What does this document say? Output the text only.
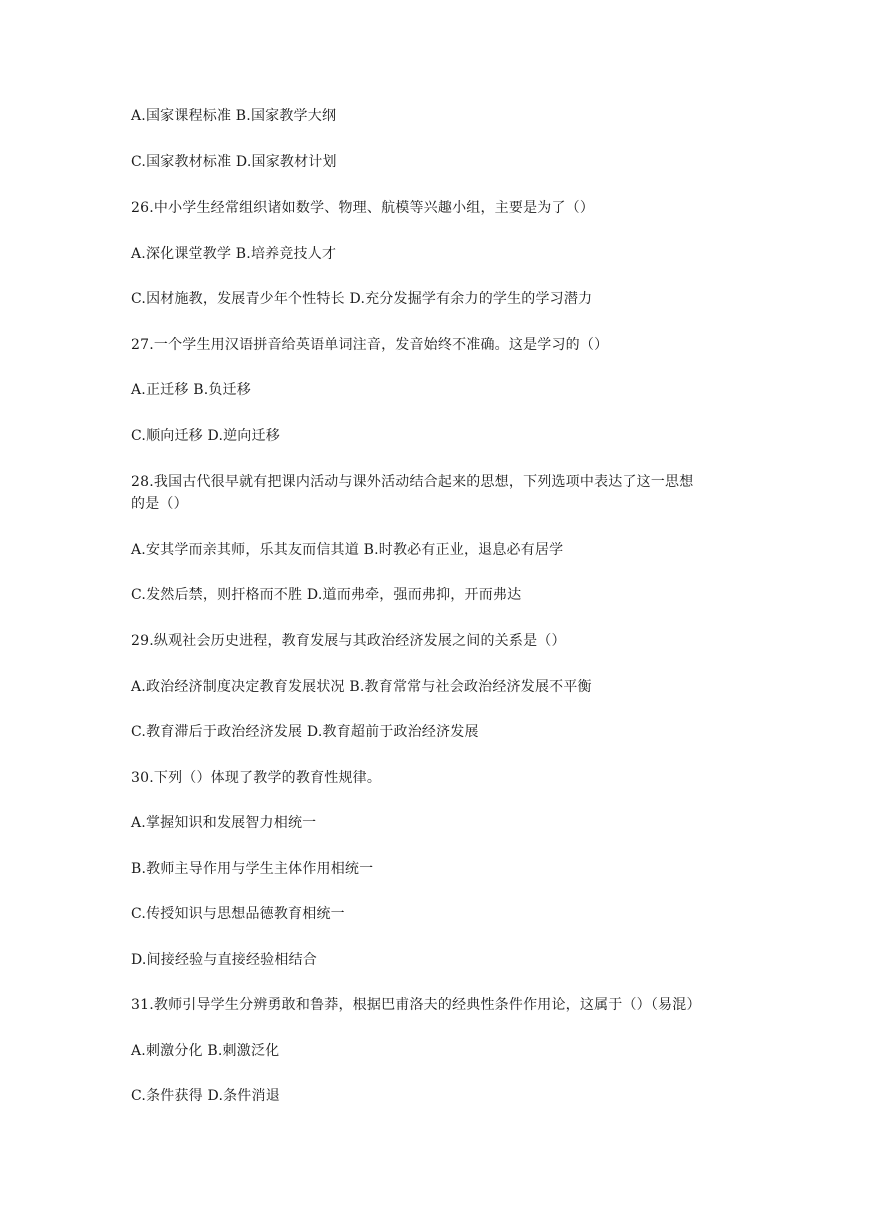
A.国家课程标准 B.国家教学大纲
C.国家教材标准 D.国家教材计划
26.中小学生经常组织诸如数学、物理、航模等兴趣小组，主要是为了（）
A.深化课堂教学 B.培养竞技人才
C.因材施教，发展青少年个性特长 D.充分发掘学有余力的学生的学习潜力
27.一个学生用汉语拼音给英语单词注音，发音始终不准确。这是学习的（）
A.正迁移 B.负迁移
C.顺向迁移 D.逆向迁移
28.我国古代很早就有把课内活动与课外活动结合起来的思想，下列选项中表达了这一思想
的是（）
A.安其学而亲其师，乐其友而信其道 B.时教必有正业，退息必有居学
C.发然后禁，则扞格而不胜 D.道而弗牵，强而弗抑，开而弗达
29.纵观社会历史进程，教育发展与其政治经济发展之间的关系是（）
A.政治经济制度决定教育发展状况 B.教育常常与社会政治经济发展不平衡
C.教育滞后于政治经济发展 D.教育超前于政治经济发展
30.下列（）体现了教学的教育性规律。
A.掌握知识和发展智力相统一
B.教师主导作用与学生主体作用相统一
C.传授知识与思想品德教育相统一
D.间接经验与直接经验相结合
31.教师引导学生分辨勇敢和鲁莽，根据巴甫洛夫的经典性条件作用论，这属于（）（易混）
A.刺激分化 B.刺激泛化
C.条件获得 D.条件消退
